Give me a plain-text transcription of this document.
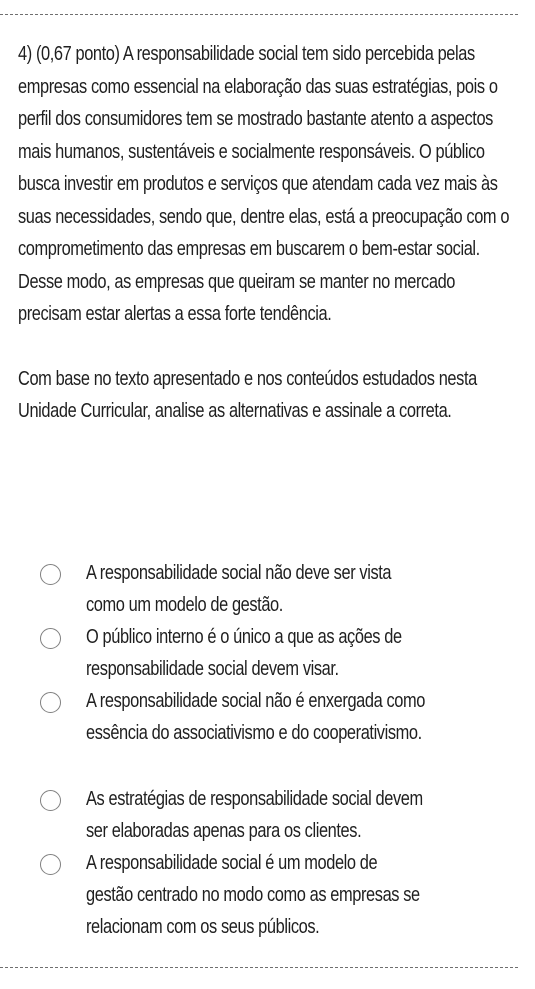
4) (0,67 ponto) A responsabilidade social tem sido percebida pelas empresas como essencial na elaboração das suas estratégias, pois o perfil dos consumidores tem se mostrado bastante atento a aspectos mais humanos, sustentáveis e socialmente responsáveis. O público busca investir em produtos e serviços que atendam cada vez mais às suas necessidades, sendo que, dentre elas, está a preocupação com o comprometimento das empresas em buscarem o bem-estar social. Desse modo, as empresas que queiram se manter no mercado precisam estar alertas a essa forte tendência.

Com base no texto apresentado e nos conteúdos estudados nesta Unidade Curricular, analise as alternativas e assinale a correta.

A responsabilidade social não deve ser vista como um modelo de gestão.
O público interno é o único a que as ações de responsabilidade social devem visar.
A responsabilidade social não é enxergada como essência do associativismo e do cooperativismo.
As estratégias de responsabilidade social devem ser elaboradas apenas para os clientes.
A responsabilidade social é um modelo de gestão centrado no modo como as empresas se relacionam com os seus públicos.
